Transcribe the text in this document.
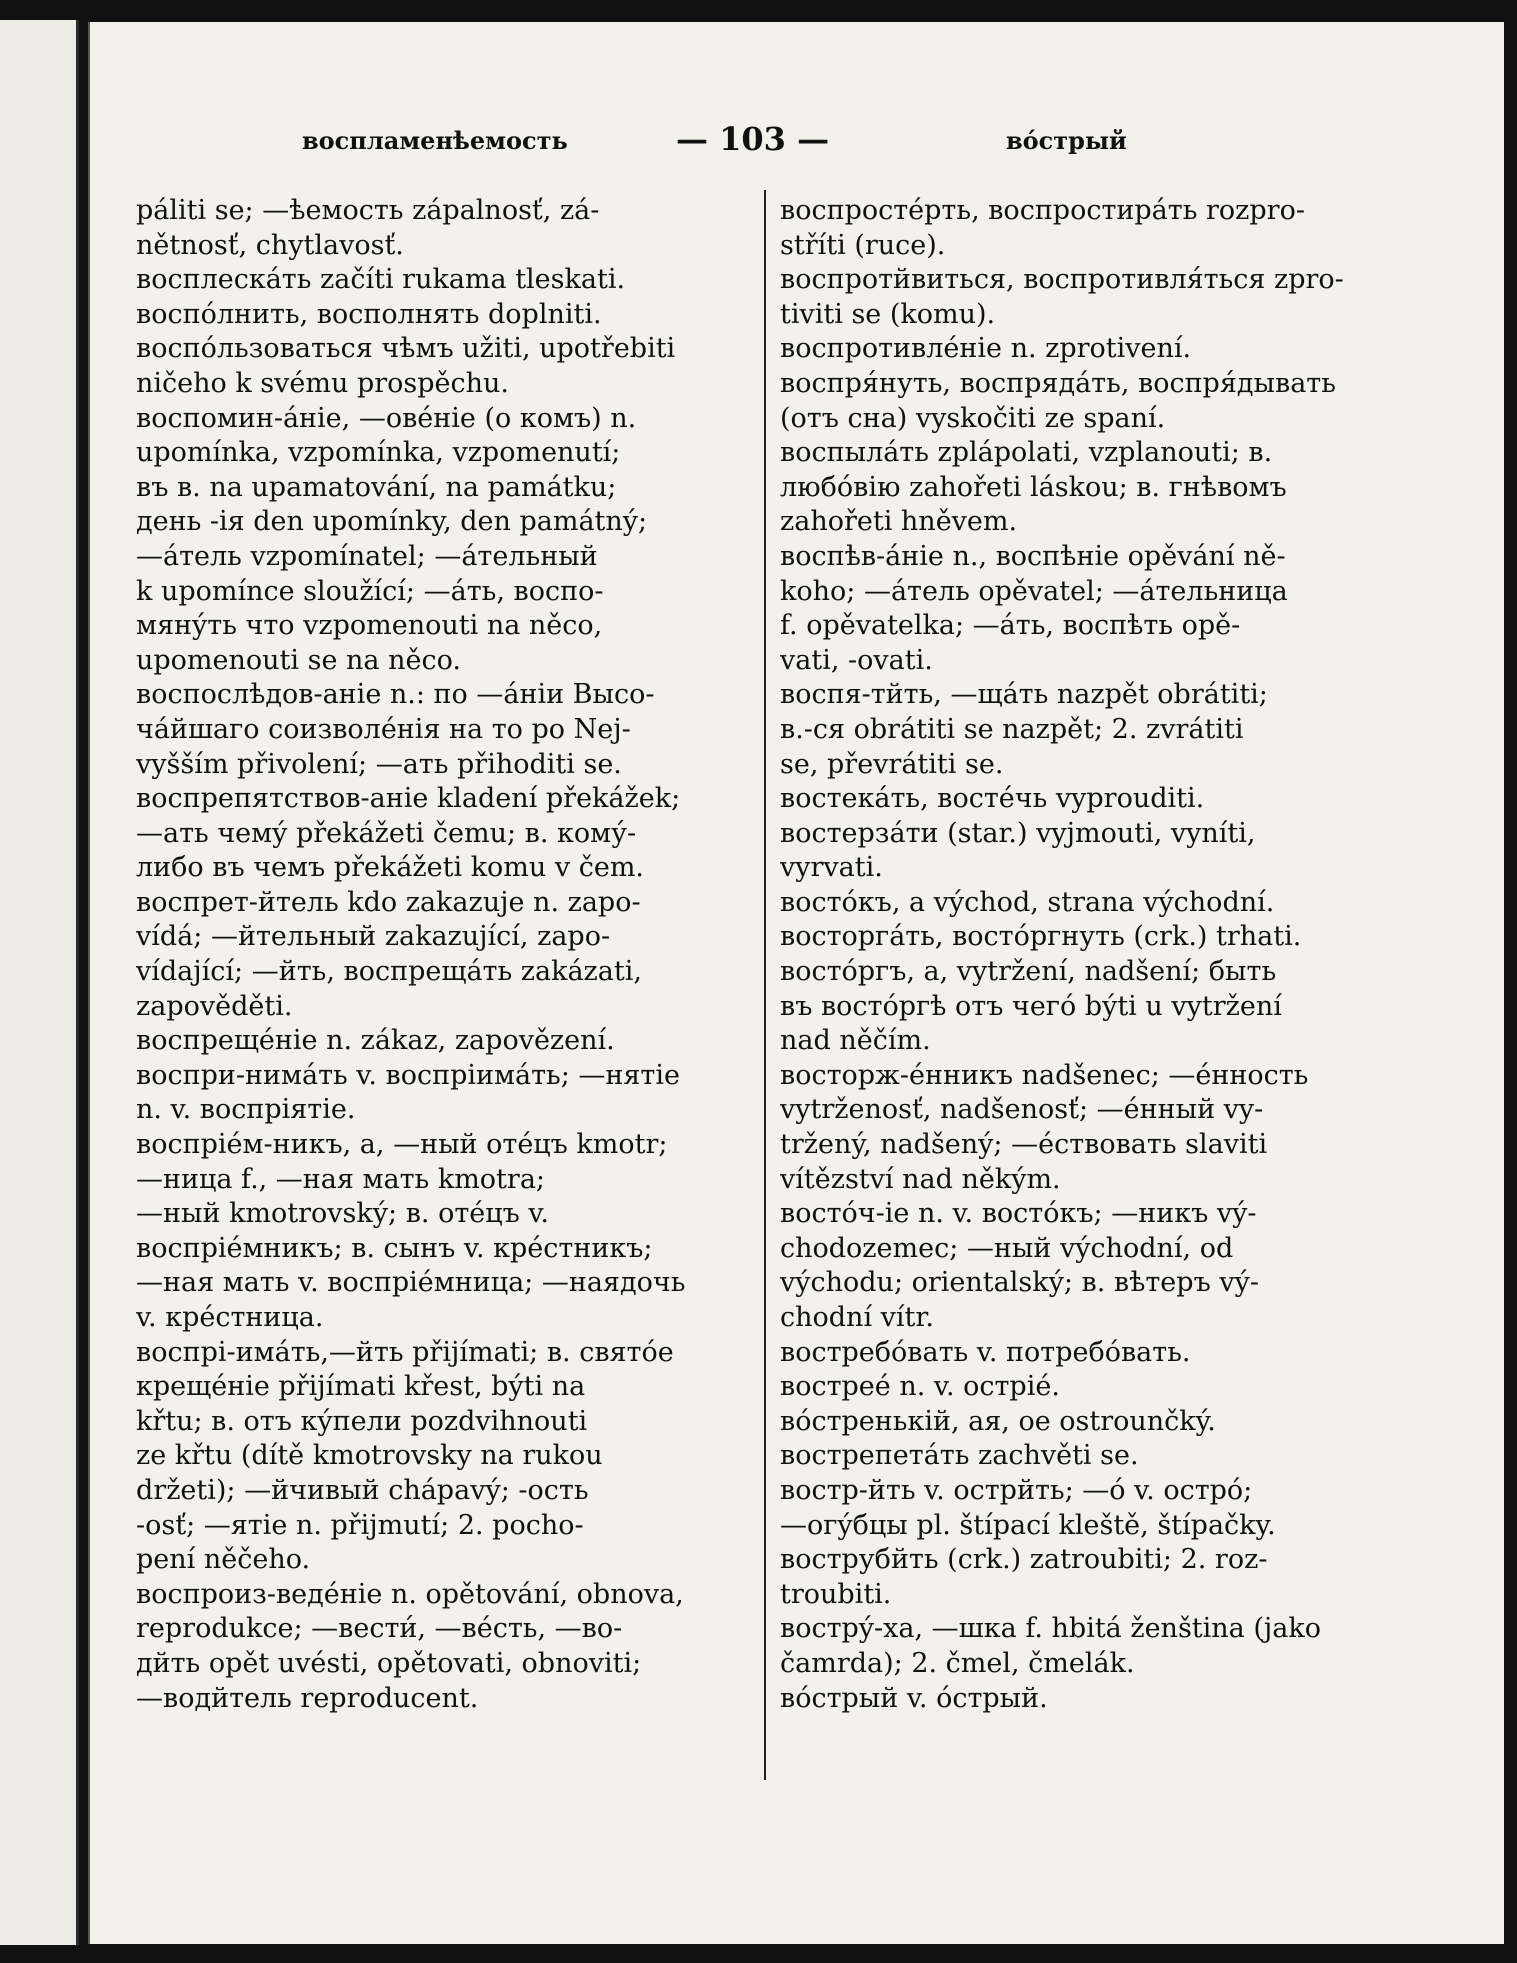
воспламенѣемость	— 103 —	вóстрый
páliti se; —ѣемость zápalnosť, zá-
nětnosť, chytlavosť.
восплескáть začíti rukama tleskati.
воспóлнить, восполнять doplniti.
воспóльзоваться чѣмъ užiti, upotřebiti
ničeho k svému prospěchu.
воспомин-áніе, —овéніе (о комъ) n.
upomínka, vzpomínka, vzpomenutí;
въ в. na upamatování, na památku;
день -ія den upomínky, den památný;
—áтель vzpomínatel; —áтельный
k upomínce sloužící; —áть, воспо-
мянýть что vzpomenouti na něco,
upomenouti se na něco.
воспослѣдов-аніе n.: по —áніи Высо-
чáйшаго соизволéнія на то po Nej-
vyšším přivolení; —ать přihoditi se.
воспрепятствов-аніе kladení překážek;
—ать чемý překážeti čemu; в. кому́-
либо въ чемъ překážeti komu v čem.
воспрет-йтель kdo zakazuje n. zapo-
vídá; —йтельный zakazující, zapo-
vídající; —йть, воспрещáть zakázati,
zapověděti.
воспрещéніе n. zákaz, zapovězení.
воспри-нимáть v. воспріимáть; —нятіе
n. v. воспріятіе.
воспріéм-никъ, а, —ный отéцъ kmotr;
—ница f., —ная мать kmotra;
—ный kmotrovský; в. отéцъ v.
воспріéмникъ; в. сынъ v. крéстникъ;
—ная мать v. воспріéмница; —наядочь
v. крéстница.
воспрі-имáть,—йть přijímati; в. святóе
крещéніе přijímati křest, býti na
křtu; в. отъ кýпели pozdvihnouti
ze křtu (dítě kmotrovsky na rukou
držeti); —йчивый chápavý; -ость
-osť; —ятіе n. přijmutí; 2. pocho-
pení něčeho.
воспроиз-ведéніе n. opětování, obnova,
reprodukce; —вести́, —вéсть, —во-
дйть opět uvésti, opětovati, obnoviti;
—водйтель reproducent.
воспростéрть, воспростирáть rozpro-
stříti (ruce).
воспротйвиться, воспротивля́ться zpro-
tiviti se (komu).
воспротивлéніе n. zprotivení.
воспря́нуть, воспрядáть, воспря́дывать
(отъ сна) vyskočiti ze spaní.
воспылáть zplápolati, vzplanouti; в.
любóвію zahořeti láskou; в. гнѣвомъ
zahořeti hněvem.
воспѣв-áніе n., воспѣніе opěvání ně-
koho; —áтель opěvatel; —áтельница
f. opěvatelka; —áть, воспѣть opě-
vati, -ovati.
воспя-тйть, —щáть nazpět obrátiti;
в.-ся obrátiti se nazpět; 2. zvrátiti
se, převrátiti se.
востекáть, востéчь vyprouditi.
востерзáти (star.) vyjmouti, vyníti,
vyrvati.
востóкъ, а východ, strana východní.
восторгáть, востóргнуть (crk.) trhati.
востóргъ, а, vytržení, nadšení; быть
въ востóргѣ отъ чегó býti u vytržení
nad něčím.
восторж-éнникъ nadšenec; —éнность
vytrženosť, nadšenosť; —éнный vy-
tržený, nadšený; —éствовать slaviti
vítězství nad někým.
востóч-іе n. v. востóкъ; —никъ vý-
chodozemec; —ный východní, od
východu; orientalský; в. вѣтеръ vý-
chodní vítr.
востребóвать v. потребóвать.
востреé n. v. острié.
вóстренькій, ая, ое ostrounčký.
вострепетáть zachvěti se.
востр-йть v. острйть; —ó v. острó;
—огýбцы pl. štípací kleště, štípačky.
вострубйть (crk.) zatroubiti; 2. roz-
troubiti.
вострý-ха, —шка f. hbitá ženština (jako
čamrda); 2. čmel, čmelák.
вóстрый v. óстрый.
